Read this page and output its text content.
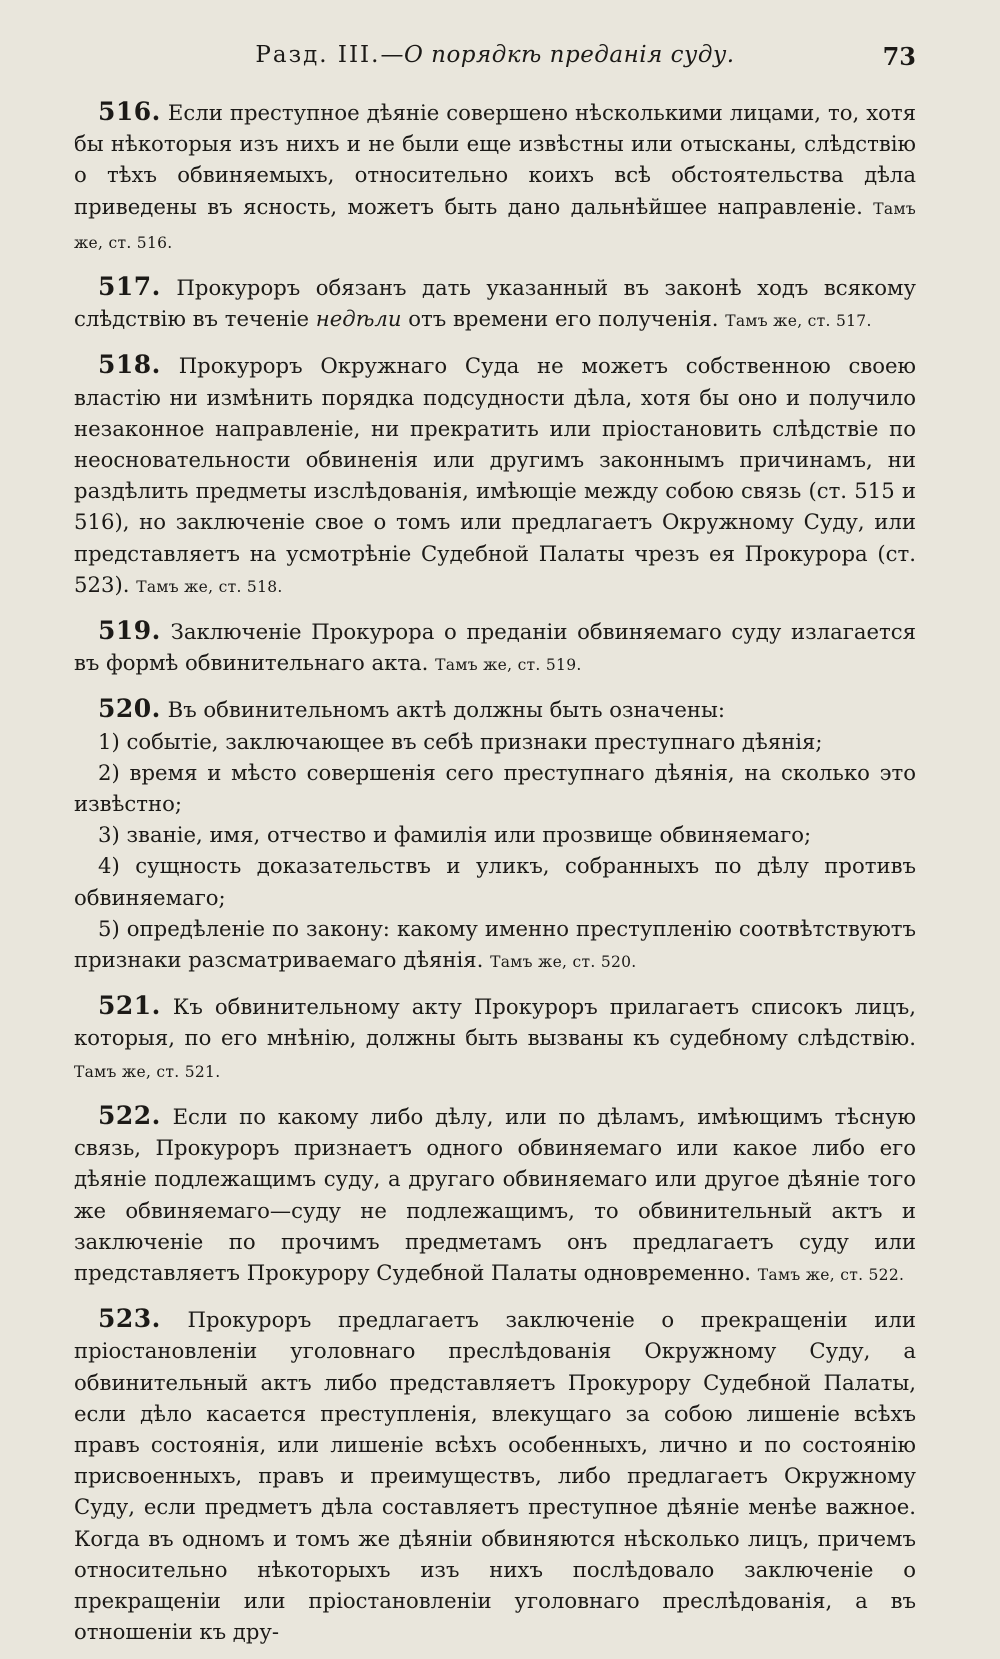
Разд. III.—О порядкѣ преданія суду.	73

516. Если преступное дѣяніе совершено нѣсколькими лицами, то, хотя бы нѣкоторыя изъ нихъ и не были еще извѣстны или отысканы, слѣдствію о тѣхъ обвиняемыхъ, относительно коихъ всѣ обстоятельства дѣла приведены въ ясность, можетъ быть дано дальнѣйшее направленіе. Тамъ же, ст. 516.

517. Прокуроръ обязанъ дать указанный въ законѣ ходъ всякому слѣдствію въ теченіе недѣли отъ времени его полученія. Тамъ же, ст. 517.

518. Прокуроръ Окружнаго Суда не можетъ собственною своею властію ни измѣнить порядка подсудности дѣла, хотя бы оно и получило незаконное направленіе, ни прекратить или пріостановить слѣдствіе по неосновательности обвиненія или другимъ законнымъ причинамъ, ни раздѣлить предметы изслѣдованія, имѣющіе между собою связь (ст. 515 и 516), но заключеніе свое о томъ или предлагаетъ Окружному Суду, или представляетъ на усмотрѣніе Судебной Палаты чрезъ ея Прокурора (ст. 523). Тамъ же, ст. 518.

519. Заключеніе Прокурора о преданіи обвиняемаго суду излагается въ формѣ обвинительнаго акта. Тамъ же, ст. 519.

520. Въ обвинительномъ актѣ должны быть означены:

1) событіе, заключающее въ себѣ признаки преступнаго дѣянія;

2) время и мѣсто совершенія сего преступнаго дѣянія, на сколько это извѣстно;

3) званіе, имя, отчество и фамилія или прозвище обвиняемаго;

4) сущность доказательствъ и уликъ, собранныхъ по дѣлу противъ обвиняемаго;

5) опредѣленіе по закону: какому именно преступленію соотвѣтствуютъ признаки разсматриваемаго дѣянія. Тамъ же, ст. 520.

521. Къ обвинительному акту Прокуроръ прилагаетъ списокъ лицъ, которыя, по его мнѣнію, должны быть вызваны къ судебному слѣдствію. Тамъ же, ст. 521.

522. Если по какому либо дѣлу, или по дѣламъ, имѣющимъ тѣсную связь, Прокуроръ признаетъ одного обвиняемаго или какое либо его дѣяніе подлежащимъ суду, а другаго обвиняемаго или другое дѣяніе того же обвиняемаго—суду не подлежащимъ, то обвинительный актъ и заключеніе по прочимъ предметамъ онъ предлагаетъ суду или представляетъ Прокурору Судебной Палаты одновременно. Тамъ же, ст. 522.

523. Прокуроръ предлагаетъ заключеніе о прекращеніи или пріостановленіи уголовнаго преслѣдованія Окружному Суду, а обвинительный актъ либо представляетъ Прокурору Судебной Палаты, если дѣло касается преступленія, влекущаго за собою лишеніе всѣхъ правъ состоянія, или лишеніе всѣхъ особенныхъ, лично и по состоянію присвоенныхъ, правъ и преимуществъ, либо предлагаетъ Окружному Суду, если предметъ дѣла составляетъ преступное дѣяніе менѣе важное. Когда въ одномъ и томъ же дѣяніи обвиняются нѣсколько лицъ, причемъ относительно нѣкоторыхъ изъ нихъ послѣдовало заключеніе о прекращеніи или пріостановленіи уголовнаго преслѣдованія, а въ отношеніи къ дру-
